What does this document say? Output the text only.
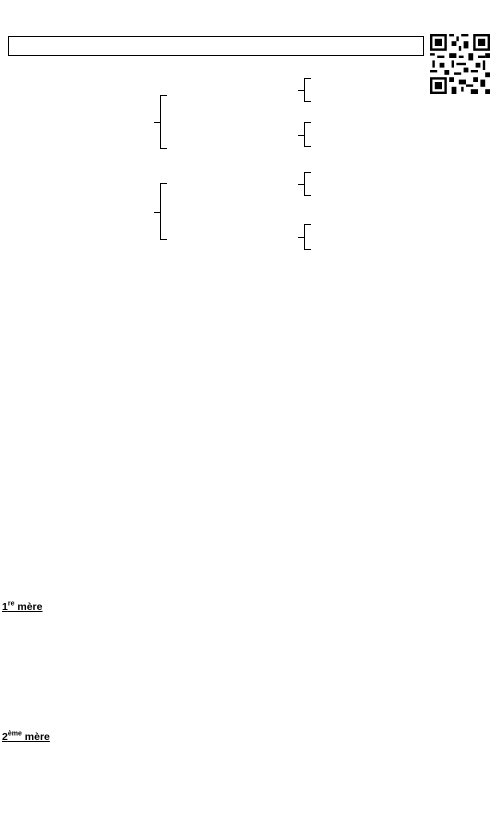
1re mère
2ème mère
